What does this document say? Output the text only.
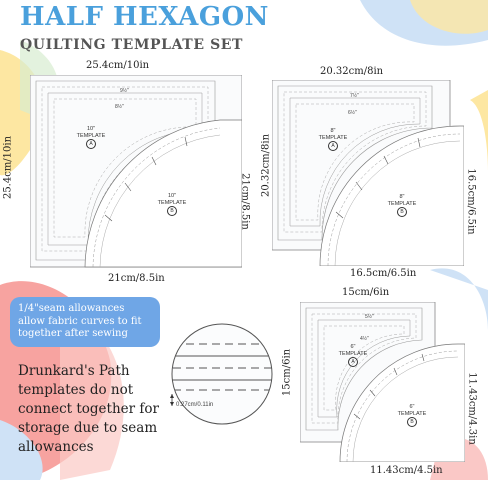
HALF HEXAGON
QUILTING TEMPLATE SET
9½"
8½"
10"
TEMPLATE
A
10"
TEMPLATE
B
25.4cm/10in
25.4cm/10in
21cm/8.5in
21cm/8.5in
7½"
6½"
8"
TEMPLATE
A
8"
TEMPLATE
B
20.32cm/8in
20.32cm/8in
16.5cm/6.5in
16.5cm/6.5in
1/4"seam allowances allow fabric curves to fit together after sewing
0.27cm/0.11in
Drunkard's Path templates do not connect together for storage due to seam allowances
5½"
4½"
6"
TEMPLATE
A
6"
TEMPLATE
B
15cm/6in
15cm/6in
11.43cm/4.5in
11.43cm/4.3in
